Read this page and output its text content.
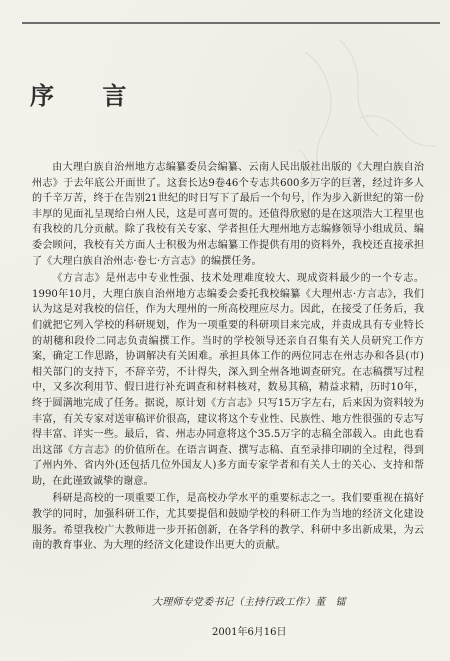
序 言

由大理白族自治州地方志编纂委员会编纂、云南人民出版社出版的《大理白族自治州志》于去年底公开面世了。这套长达9卷46个专志共600多万字的巨著，经过许多人的千辛万苦，终于在告别21世纪的时日写下了最后一个句号，作为步入新世纪的第一份丰厚的见面礼呈现给白州人民，这是可喜可贺的。还值得欣慰的是在这项浩大工程里也有我校的几分贡献。除了我校有关专家、学者担任大理州地方志编修领导小组成员、编委会顾问，我校有关方面人士积极为州志编纂工作提供有用的资料外，我校还直接承担了《大理白族自治州志·卷七·方言志》的编撰任务。

《方言志》是州志中专业性强、技术处理难度较大、现成资料最少的一个专志。1990年10月，大理白族自治州地方志编委会委托我校编纂《大理州志·方言志》，我们认为这是对我校的信任，作为大理州的一所高校理应尽力。因此，在接受了任务后，我们就把它列入学校的科研规划，作为一项重要的科研项目来完成，并责成具有专业特长的胡穗和段伶二同志负责编撰工作。当时的学校领导还亲自召集有关人员研究工作方案，确定工作思路，协调解决有关困难。承担具体工作的两位同志在州志办和各县(市)相关部门的支持下，不辞辛劳，不计得失，深入到全州各地调查研究。在志稿撰写过程中，又多次利用节、假日进行补充调查和材料核对，数易其稿，精益求精，历时10年，终于圆满地完成了任务。据说，原计划《方言志》只写15万字左右，后来因为资料较为丰富，有关专家对送审稿评价很高，建议将这个专业性、民族性、地方性很强的专志写得丰富、详实一些。最后，省、州志办同意将这个35.5万字的志稿全部载入。由此也看出这部《方言志》的价值所在。在语言调查、撰写志稿、直至录排印刷的全过程，得到了州内外、省内外(还包括几位外国友人)多方面专家学者和有关人士的关心、支持和帮助，在此谨致诚挚的谢意。

科研是高校的一项重要工作，是高校办学水平的重要标志之一。我们要重视在搞好教学的同时，加强科研工作，尤其要提倡和鼓励学校的科研工作为当地的经济文化建设服务。希望我校广大教师进一步开拓创新，在各学科的教学、科研中多出新成果，为云南的教育事业、为大理的经济文化建设作出更大的贡献。

大理师专党委书记（主持行政工作）董　镭
2001年6月16日
